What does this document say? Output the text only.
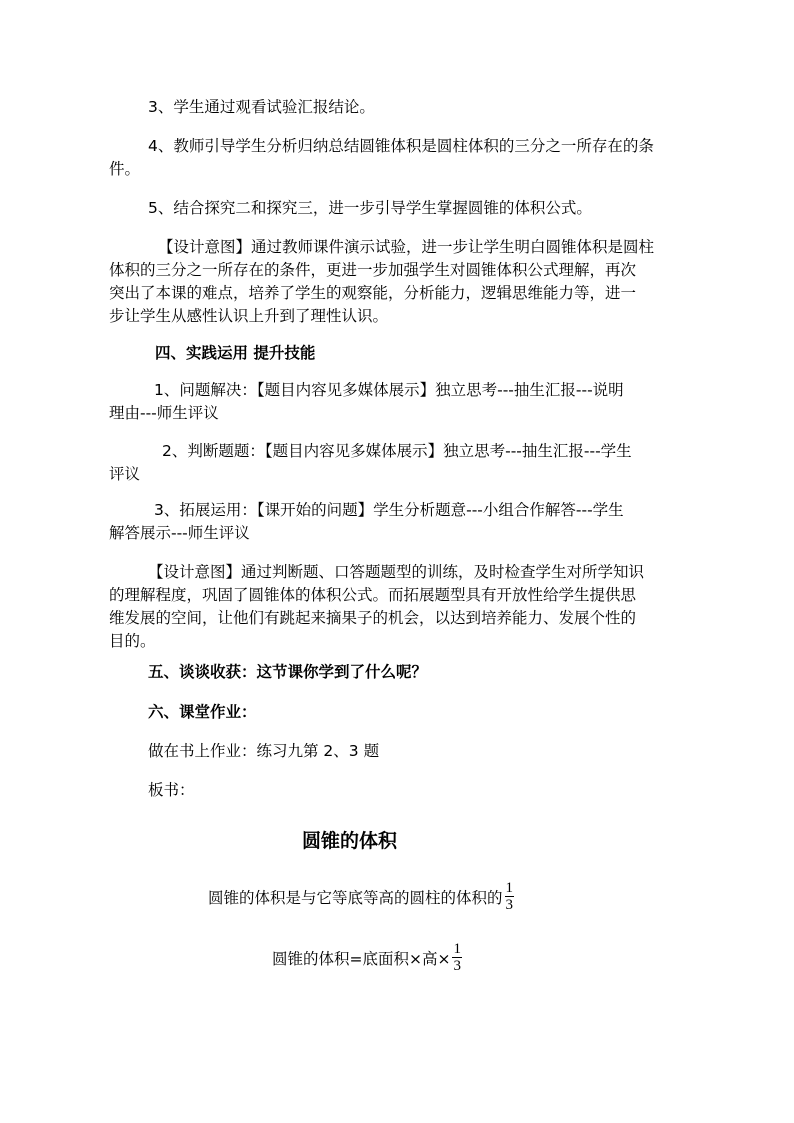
3、学生通过观看试验汇报结论。
4、教师引导学生分析归纳总结圆锥体积是圆柱体积的三分之一所存在的条
件。
5、结合探究二和探究三，进一步引导学生掌握圆锥的体积公式。
【设计意图】通过教师课件演示试验，进一步让学生明白圆锥体积是圆柱
体积的三分之一所存在的条件，更进一步加强学生对圆锥体积公式理解，再次
突出了本课的难点，培养了学生的观察能，分析能力，逻辑思维能力等，进一
步让学生从感性认识上升到了理性认识。
四、实践运用 提升技能
1、问题解决：【题目内容见多媒体展示】独立思考---抽生汇报---说明
理由---师生评议
2、判断题题：【题目内容见多媒体展示】独立思考---抽生汇报---学生
评议
3、拓展运用：【课开始的问题】学生分析题意---小组合作解答---学生
解答展示---师生评议
【设计意图】通过判断题、口答题题型的训练，及时检查学生对所学知识
的理解程度，巩固了圆锥体的体积公式。而拓展题型具有开放性给学生提供思
维发展的空间，让他们有跳起来摘果子的机会，以达到培养能力、发展个性的
目的。
五、谈谈收获：这节课你学到了什么呢？
六、课堂作业：
做在书上作业：练习九第 2、3 题
板书：
圆锥的体积
圆锥的体积是与它等底等高的圆柱的体积的 $\frac{1}{3}$
圆锥的体积=底面积×高× $\frac{1}{3}$
